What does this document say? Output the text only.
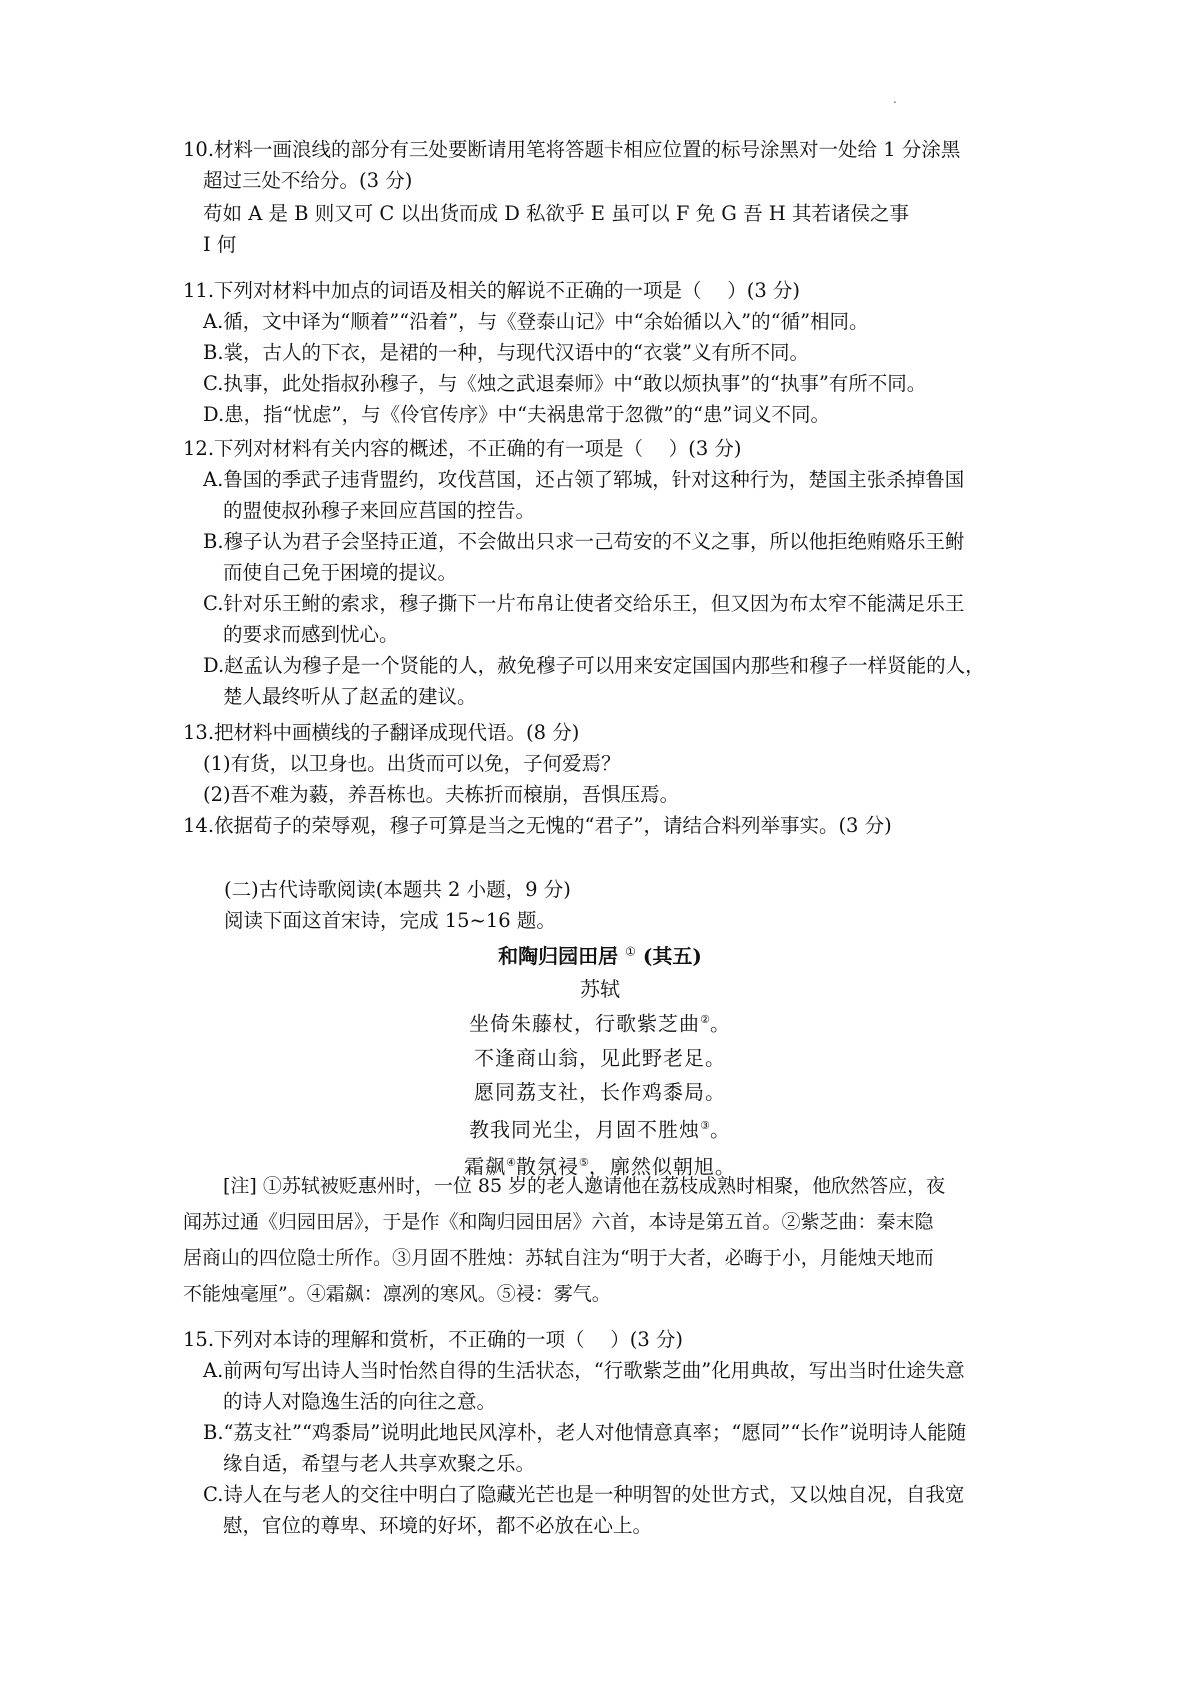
.
10.材料一画浪线的部分有三处要断请用笔将答题卡相应位置的标号涂黑对一处给 1 分涂黑
超过三处不给分。(3 分)
苟如 A 是 B 则又可 C 以出货而成 D 私欲乎 E 虽可以 F 免 G 吾 H 其若诸侯之事
I 何
11.下列对材料中加点的词语及相关的解说不正确的一项是（　 ）(3 分)
A.循，文中译为“顺着”“沿着”，与《登泰山记》中“余始循以入”的“循”相同。
B.裳，古人的下衣，是裙的一种，与现代汉语中的“衣裳”义有所不同。
C.执事，此处指叔孙穆子，与《烛之武退秦师》中“敢以烦执事”的“执事”有所不同。
D.患，指“忧虑”，与《伶官传序》中“夫祸患常于忽微”的“患”词义不同。
12.下列对材料有关内容的概述，不正确的有一项是（　 ）(3 分)
A.鲁国的季武子违背盟约，攻伐莒国，还占领了郓城，针对这种行为，楚国主张杀掉鲁国
的盟使叔孙穆子来回应莒国的控告。
B.穆子认为君子会坚持正道，不会做出只求一己苟安的不义之事，所以他拒绝贿赂乐王鲋
而使自己免于困境的提议。
C.针对乐王鲋的索求，穆子撕下一片布帛让使者交给乐王，但又因为布太窄不能满足乐王
的要求而感到忧心。
D.赵孟认为穆子是一个贤能的人，赦免穆子可以用来安定国国内那些和穆子一样贤能的人，
楚人最终听从了赵孟的建议。
13.把材料中画横线的子翻译成现代语。(8 分)
(1)有货，以卫身也。出货而可以免，子何爱焉？
(2)吾不难为藙，养吾栋也。夫栋折而榱崩，吾惧压焉。
14.依据荀子的荣辱观，穆子可算是当之无愧的“君子”，请结合料列举事实。(3 分)
(二)古代诗歌阅读(本题共 2 小题，9 分)
阅读下面这首宋诗，完成 15~16 题。
和陶归园田居 ① (其五)
苏轼
坐倚朱藤杖，行歌紫芝曲②。
不逢商山翁，见此野老足。
愿同荔支社，长作鸡黍局。
教我同光尘，月固不胜烛③。
霜飙④散氛祲⑤，廓然似朝旭。
[注] ①苏轼被贬惠州时，一位 85 岁的老人邀请他在荔枝成熟时相聚，他欣然答应，夜
闻苏过通《归园田居》，于是作《和陶归园田居》六首，本诗是第五首。②紫芝曲：秦末隐
居商山的四位隐士所作。③月固不胜烛：苏轼自注为“明于大者，必晦于小，月能烛天地而
不能烛毫厘”。④霜飙：凛冽的寒风。⑤祲：雾气。
15.下列对本诗的理解和赏析，不正确的一项（　 ）(3 分)
A.前两句写出诗人当时怡然自得的生活状态，“行歌紫芝曲”化用典故，写出当时仕途失意
的诗人对隐逸生活的向往之意。
B.“荔支社”“鸡黍局”说明此地民风淳朴，老人对他情意真率；“愿同”“长作”说明诗人能随
缘自适，希望与老人共享欢聚之乐。
C.诗人在与老人的交往中明白了隐藏光芒也是一种明智的处世方式，又以烛自况，自我宽
慰，官位的尊卑、环境的好坏，都不必放在心上。
